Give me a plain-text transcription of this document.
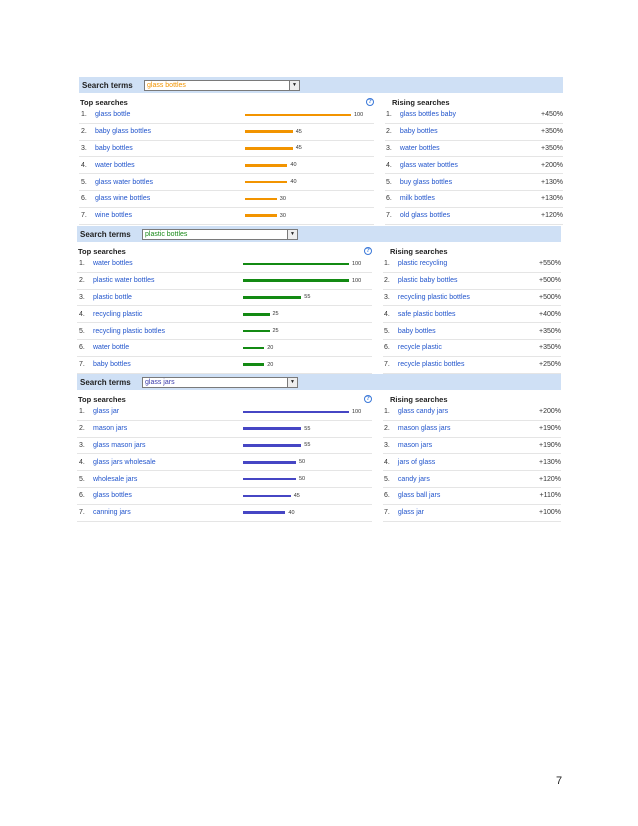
Search terms	glass bottles	▼
Top searches	?	Rising searches
1.	glass bottle	100	1.	glass bottles baby	+450%
2.	baby glass bottles	45	2.	baby bottles	+350%
3.	baby bottles	45	3.	water bottles	+350%
4.	water bottles	40	4.	glass water bottles	+200%
5.	glass water bottles	40	5.	buy glass bottles	+130%
6.	glass wine bottles	30	6.	milk bottles	+130%
7.	wine bottles	30	7.	old glass bottles	+120%
Search terms	plastic bottles	▼
Top searches	?	Rising searches
1.	water bottles	100	1.	plastic recycling	+550%
2.	plastic water bottles	100	2.	plastic baby bottles	+500%
3.	plastic bottle	55	3.	recycling plastic bottles	+500%
4.	recycling plastic	25	4.	safe plastic bottles	+400%
5.	recycling plastic bottles	25	5.	baby bottles	+350%
6.	water bottle	20	6.	recycle plastic	+350%
7.	baby bottles	20	7.	recycle plastic bottles	+250%
Search terms	glass jars	▼
Top searches	?	Rising searches
1.	glass jar	100	1.	glass candy jars	+200%
2.	mason jars	55	2.	mason glass jars	+190%
3.	glass mason jars	55	3.	mason jars	+190%
4.	glass jars wholesale	50	4.	jars of glass	+130%
5.	wholesale jars	50	5.	candy jars	+120%
6.	glass bottles	45	6.	glass ball jars	+110%
7.	canning jars	40	7.	glass jar	+100%
7
